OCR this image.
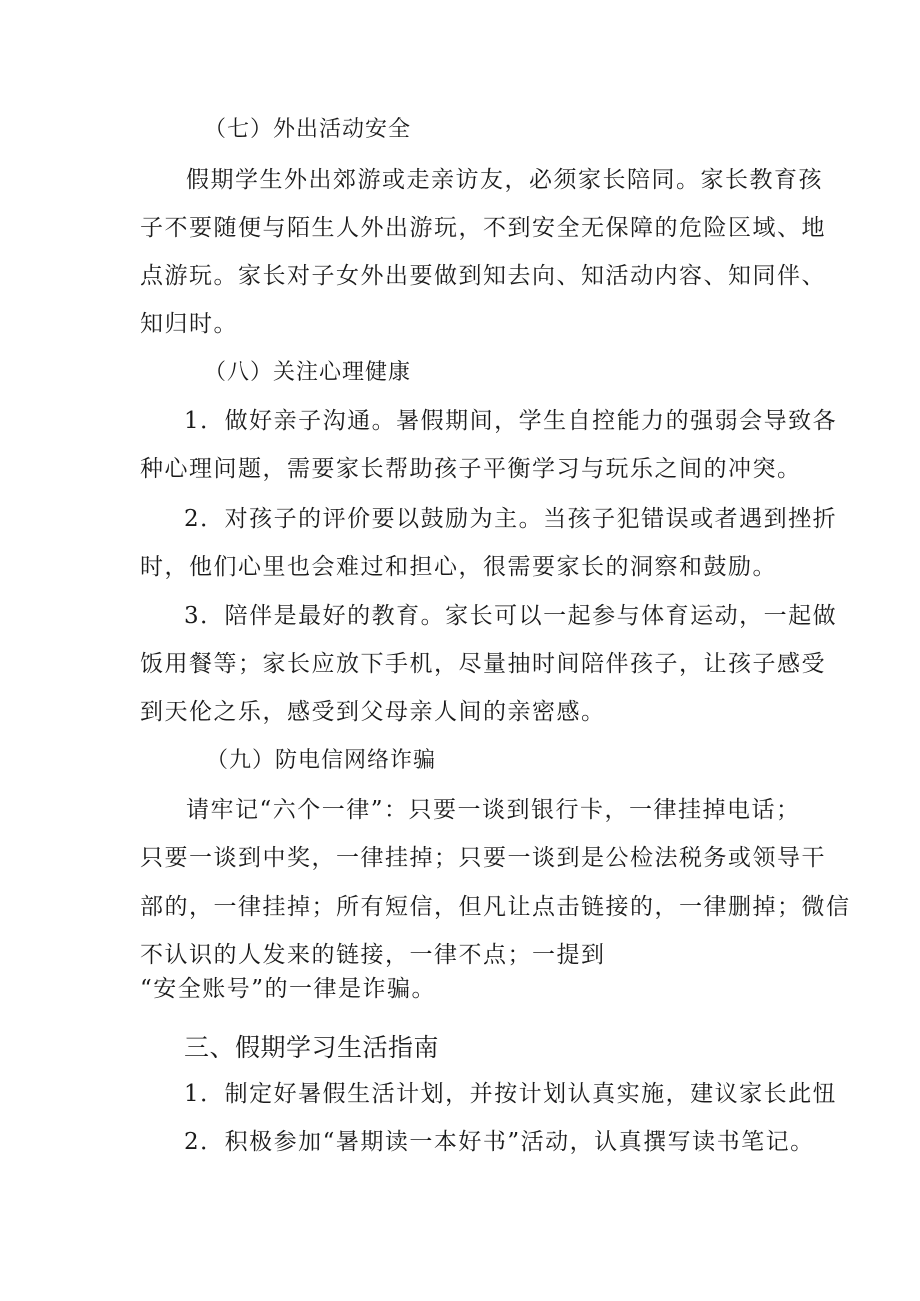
（七）外出活动安全
假期学生外出郊游或走亲访友，必须家长陪同。家长教育孩
子不要随便与陌生人外出游玩，不到安全无保障的危险区域、地
点游玩。家长对子女外出要做到知去向、知活动内容、知同伴、
知归时。
（八）关注心理健康
1．做好亲子沟通。暑假期间，学生自控能力的强弱会导致各
种心理问题，需要家长帮助孩子平衡学习与玩乐之间的冲突。
2．对孩子的评价要以鼓励为主。当孩子犯错误或者遇到挫折
时，他们心里也会难过和担心，很需要家长的洞察和鼓励。
3．陪伴是最好的教育。家长可以一起参与体育运动，一起做
饭用餐等；家长应放下手机，尽量抽时间陪伴孩子，让孩子感受
到天伦之乐，感受到父母亲人间的亲密感。
（九）防电信网络诈骗
请牢记“六个一律”：只要一谈到银行卡，一律挂掉电话；
只要一谈到中奖，一律挂掉；只要一谈到是公检法税务或领导干
部的，一律挂掉；所有短信，但凡让点击链接的，一律删掉；微信
不认识的人发来的链接，一律不点；一提到
“安全账号”的一律是诈骗。
三、假期学习生活指南
1．制定好暑假生活计划，并按计划认真实施，建议家长此忸
2．积极参加“暑期读一本好书”活动，认真撰写读书笔记。
